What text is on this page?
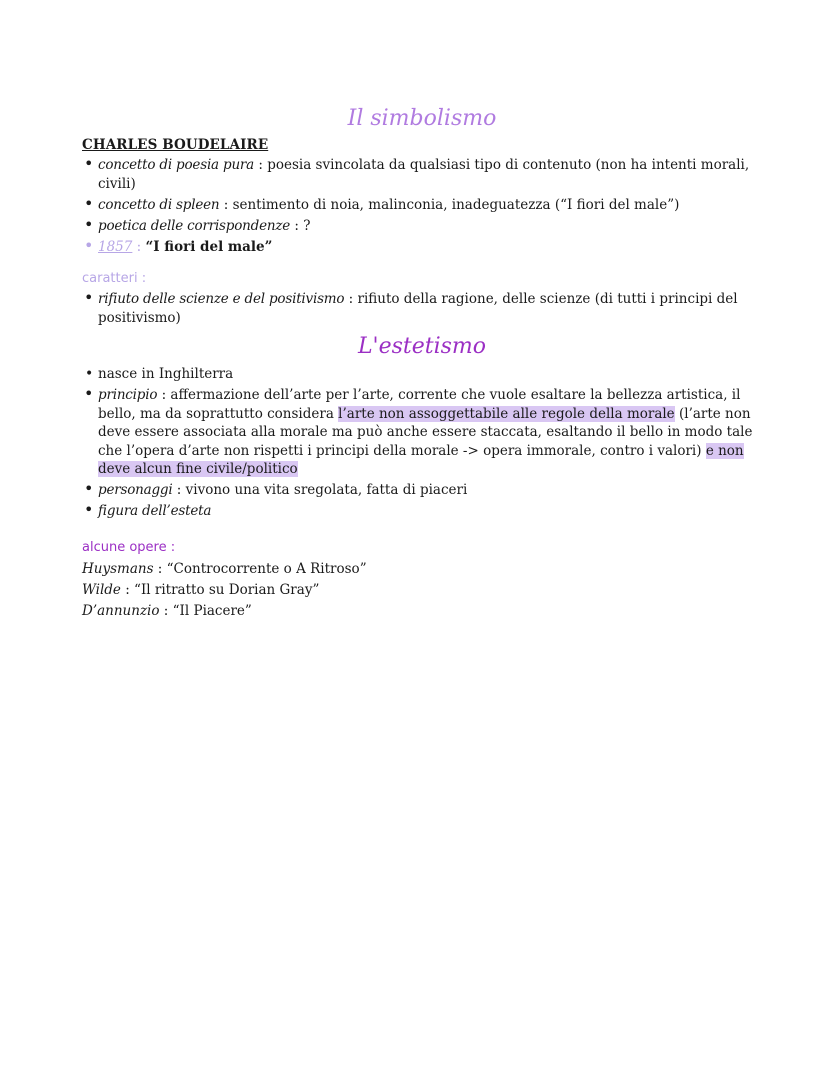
Il simbolismo
CHARLES BOUDELAIRE
• concetto di poesia pura : poesia svincolata da qualsiasi tipo di contenuto (non ha intenti morali, civili)
• concetto di spleen : sentimento di noia, malinconia, inadeguatezza (“I fiori del male”)
• poetica delle corrispondenze : ?
• 1857 : “I fiori del male”
caratteri :
• rifiuto delle scienze e del positivismo : rifiuto della ragione, delle scienze (di tutti i principi del positivismo)
L'estetismo
• nasce in Inghilterra
• principio : affermazione dell’arte per l’arte, corrente che vuole esaltare la bellezza artistica, il bello, ma da soprattutto considera l’arte non assoggettabile alle regole della morale (l’arte non deve essere associata alla morale ma può anche essere staccata, esaltando il bello in modo tale che l’opera d’arte non rispetti i principi della morale -> opera immorale, contro i valori) e non deve alcun fine civile/politico
• personaggi : vivono una vita sregolata, fatta di piaceri
• figura dell’esteta
alcune opere :
Huysmans : “Controcorrente o A Ritroso”
Wilde : “Il ritratto su Dorian Gray”
D’annunzio : “Il Piacere”
